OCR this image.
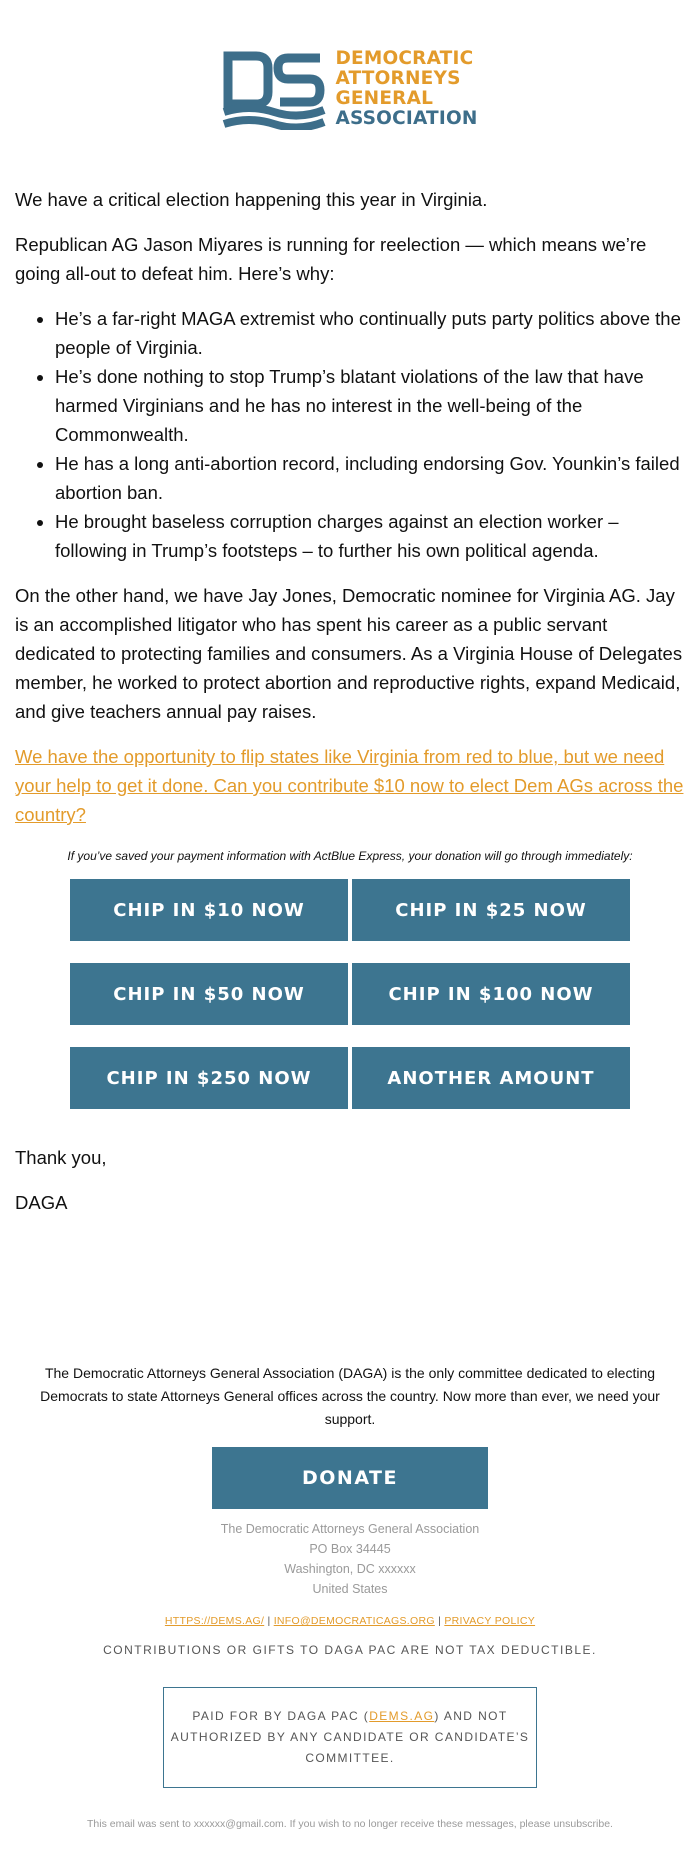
DEMOCRATIC
ATTORNEYS
GENERAL
ASSOCIATION

We have a critical election happening this year in Virginia.

Republican AG Jason Miyares is running for reelection — which means we’re going all-out to defeat him. Here’s why:

• He’s a far-right MAGA extremist who continually puts party politics above the people of Virginia.
• He’s done nothing to stop Trump’s blatant violations of the law that have harmed Virginians and he has no interest in the well-being of the Commonwealth.
• He has a long anti-abortion record, including endorsing Gov. Younkin’s failed abortion ban.
• He brought baseless corruption charges against an election worker – following in Trump’s footsteps – to further his own political agenda.

On the other hand, we have Jay Jones, Democratic nominee for Virginia AG. Jay is an accomplished litigator who has spent his career as a public servant dedicated to protecting families and consumers. As a Virginia House of Delegates member, he worked to protect abortion and reproductive rights, expand Medicaid, and give teachers annual pay raises.

We have the opportunity to flip states like Virginia from red to blue, but we need your help to get it done. Can you contribute $10 now to elect Dem AGs across the country?
If you’ve saved your payment information with ActBlue Express, your donation will go through immediately:
CHIP IN $10 NOW	CHIP IN $25 NOW
CHIP IN $50 NOW	CHIP IN $100 NOW
CHIP IN $250 NOW	ANOTHER AMOUNT

Thank you,

DAGA

The Democratic Attorneys General Association (DAGA) is the only committee dedicated to electing Democrats to state Attorneys General offices across the country. Now more than ever, we need your support.
DONATE
The Democratic Attorneys General Association
PO Box 34445
Washington, DC xxxxxx
United States
HTTPS://DEMS.AG/ | INFO@DEMOCRATICAGS.ORG | PRIVACY POLICY
CONTRIBUTIONS OR GIFTS TO DAGA PAC ARE NOT TAX DEDUCTIBLE.
PAID FOR BY DAGA PAC (DEMS.AG) AND NOT AUTHORIZED BY ANY CANDIDATE OR CANDIDATE’S COMMITTEE.
This email was sent to xxxxxx@gmail.com. If you wish to no longer receive these messages, please unsubscribe.
